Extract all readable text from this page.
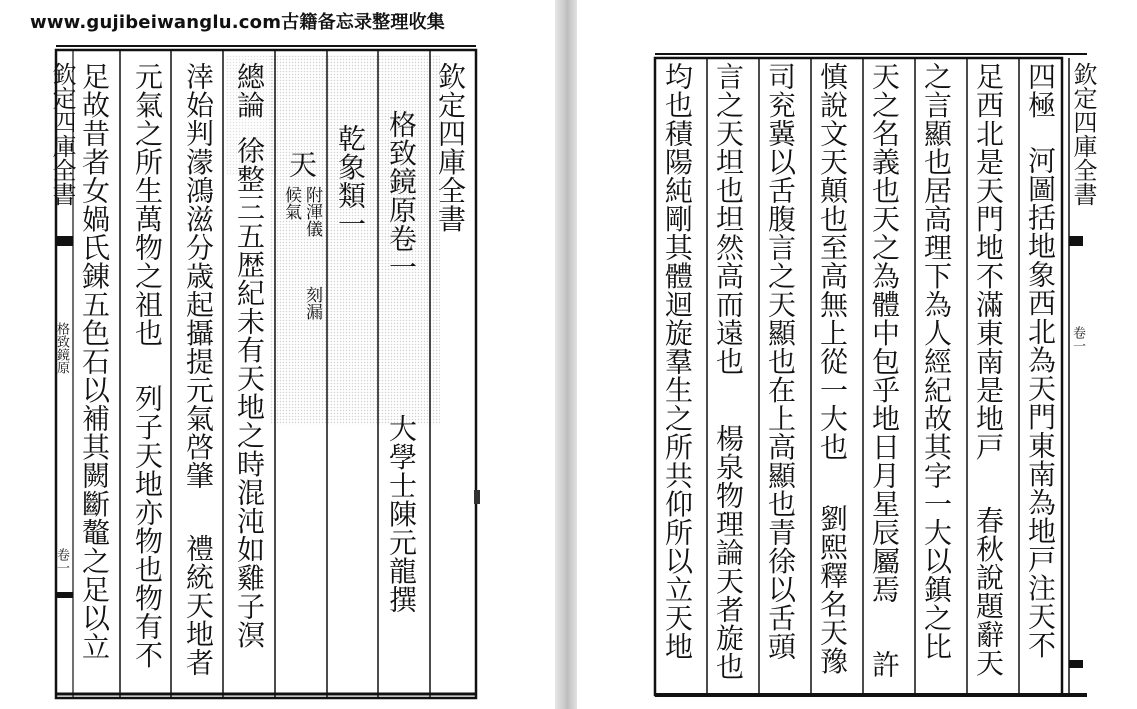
www.gujibeiwanglu.com古籍备忘录整理收集
欽定四庫全書
格致鏡原
卷一
欽定四庫全書
格致鏡原卷一
大學士陳元龍撰
乾象類一
天
附渾儀
刻漏
候氣
總論
徐整三五歴紀未有天地之時混沌如雞子溟
涬始判濛鴻滋分歳起攝提元氣啓肇
禮統天地者
元氣之所生萬物之祖也
列子天地亦物也物有不
足故昔者女媧氏錬五色石以補其闕斷鼇之足以立	欽定四庫全書
卷一
四極
河圖括地象西北為天門東南為地戸注天不
足西北是天門地不滿東南是地戸
春秋說題辭天
之言顯也居高理下為人經紀故其字一大以鎮之比
天之名義也天之為體中包乎地日月星辰屬焉
許
慎說文天顛也至高無上從一大也
劉熙釋名天豫
司兖冀以舌腹言之天顯也在上高顯也青徐以舌頭
言之天坦也坦然高而遠也
楊泉物理論天者旋也
均也積陽純剛其體迴旋羣生之所共仰所以立天地
